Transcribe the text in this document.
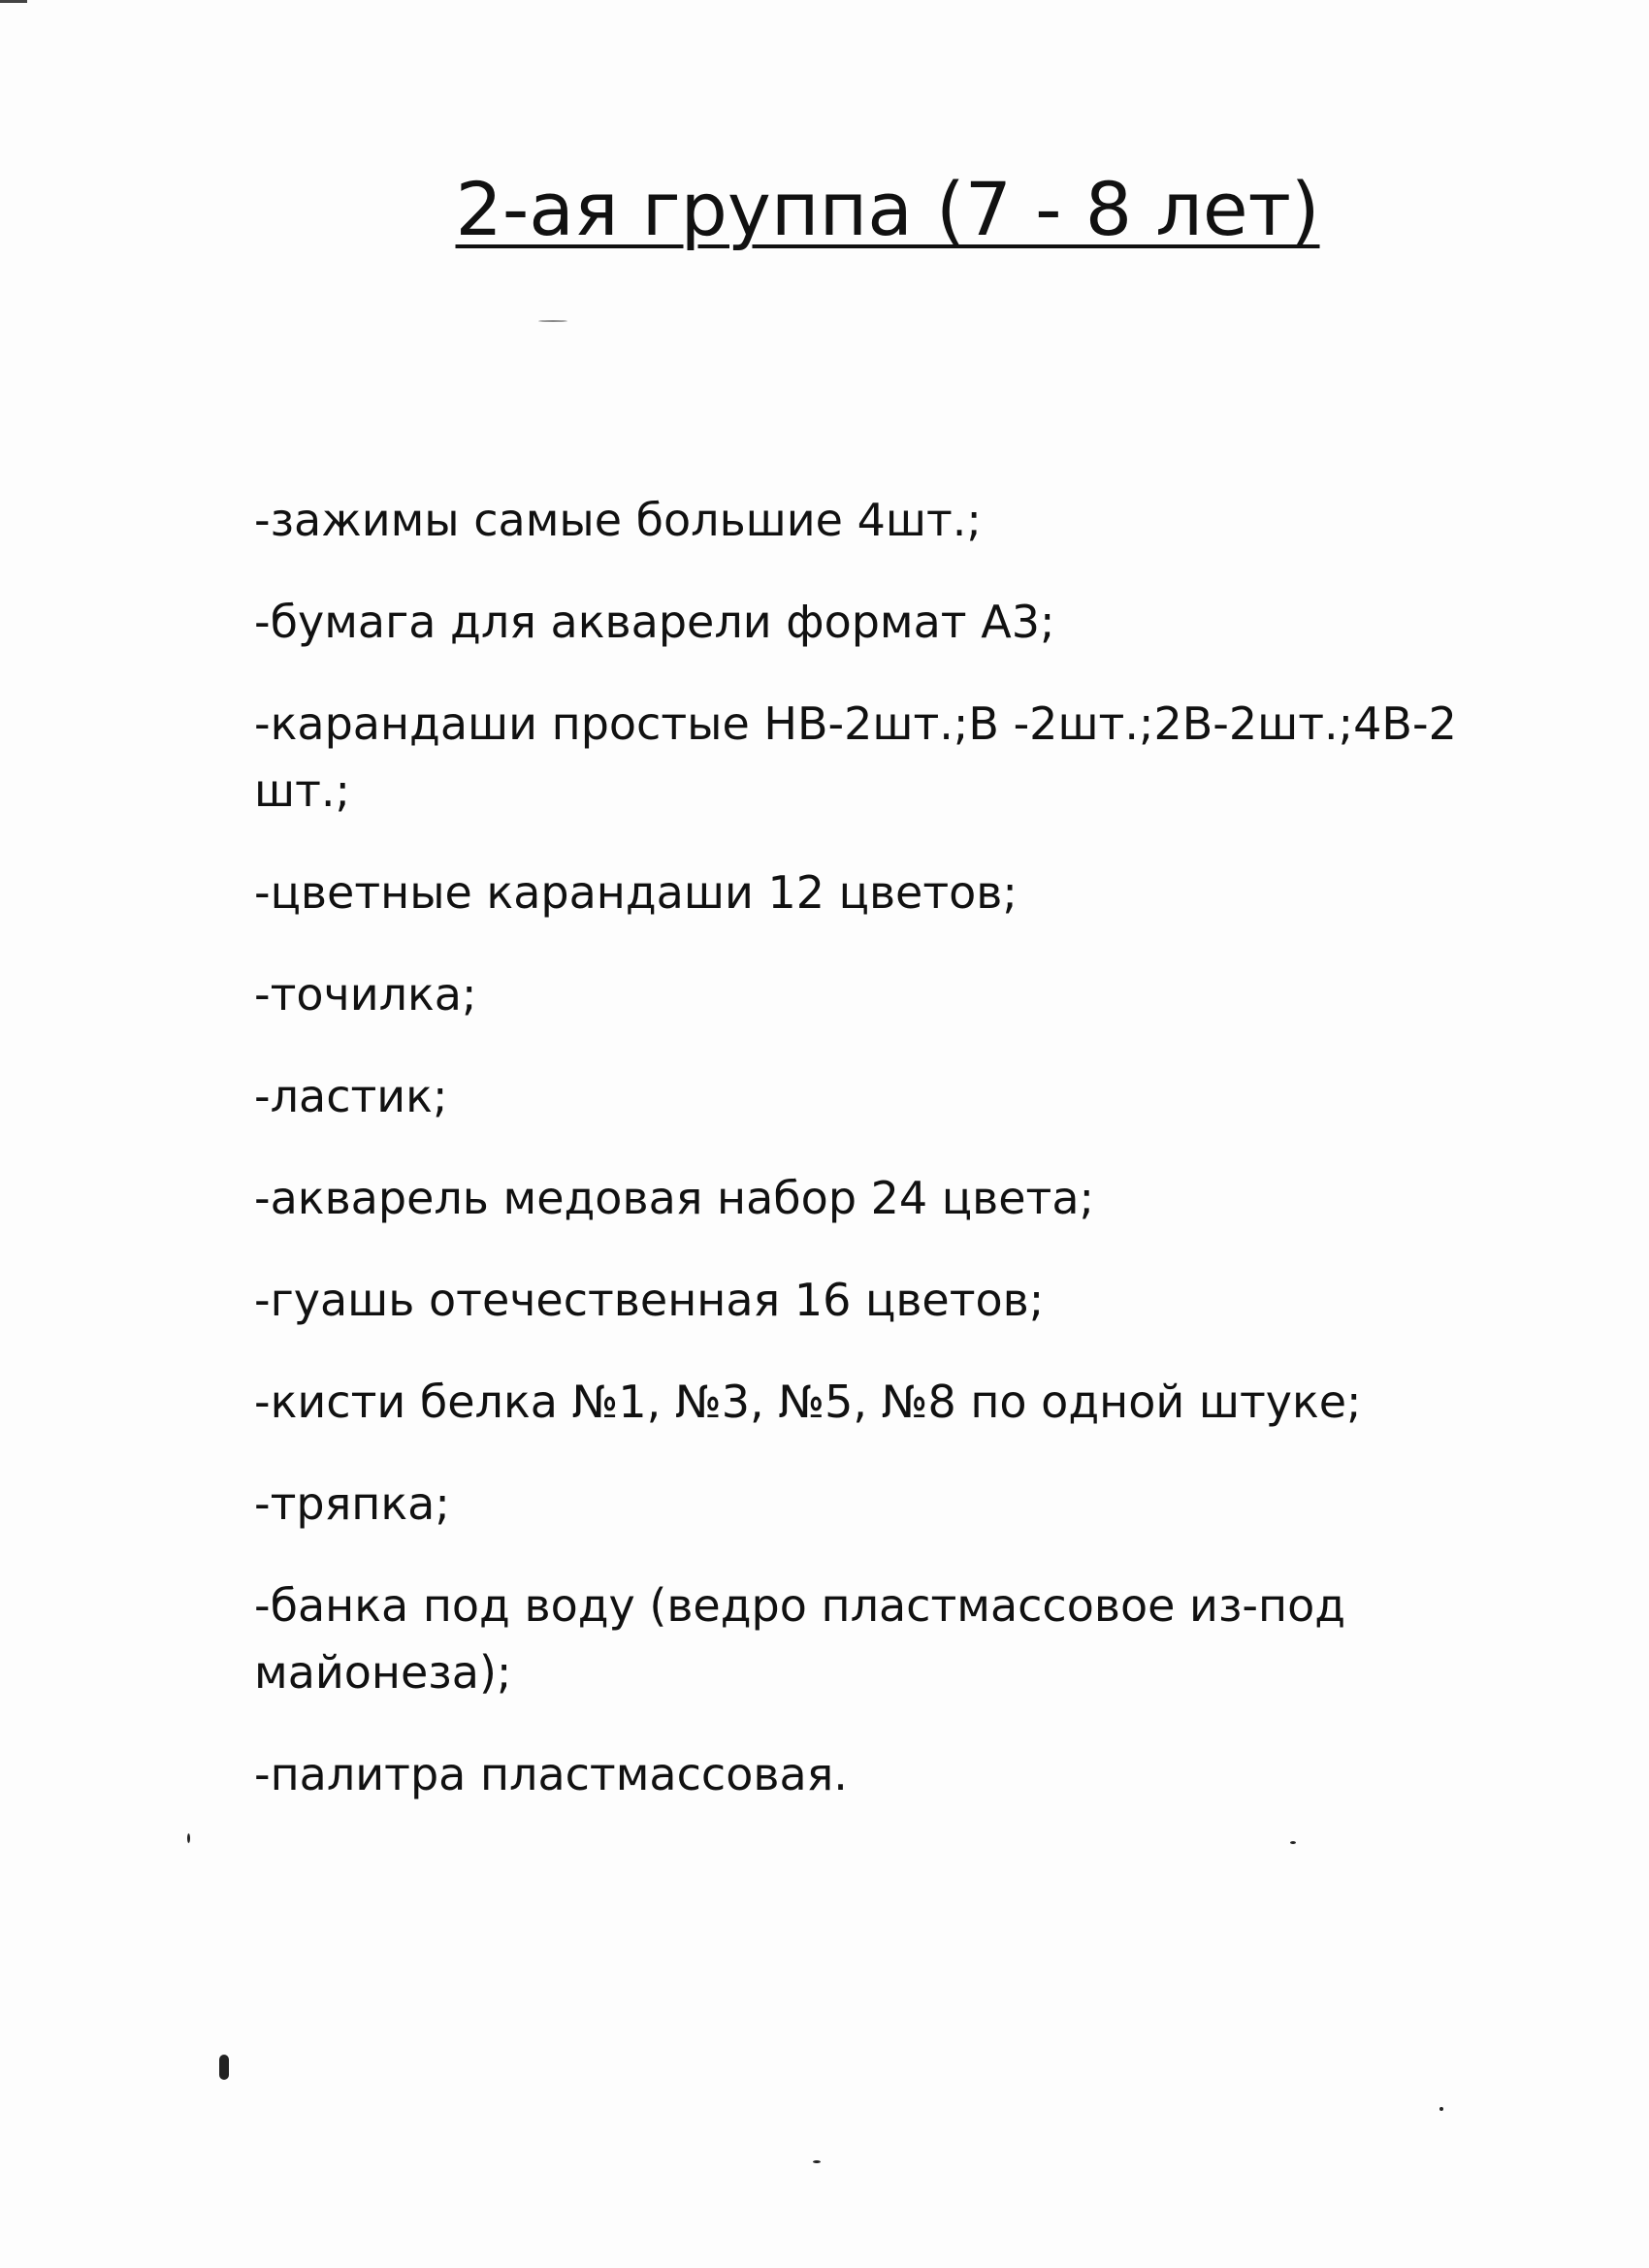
2-ая группа (7 - 8 лет)
-зажимы самые большие 4шт.;
-бумага для акварели формат А3;
-карандаши простые НВ-2шт.;В -2шт.;2В-2шт.;4В-2 шт.;
-цветные карандаши 12 цветов;
-точилка;
-ластик;
-акварель медовая набор 24 цвета;
-гуашь отечественная 16 цветов;
-кисти белка №1, №3, №5, №8 по одной штуке;
-тряпка;
-банка под воду (ведро пластмассовое из-под майонеза);
-палитра пластмассовая.
